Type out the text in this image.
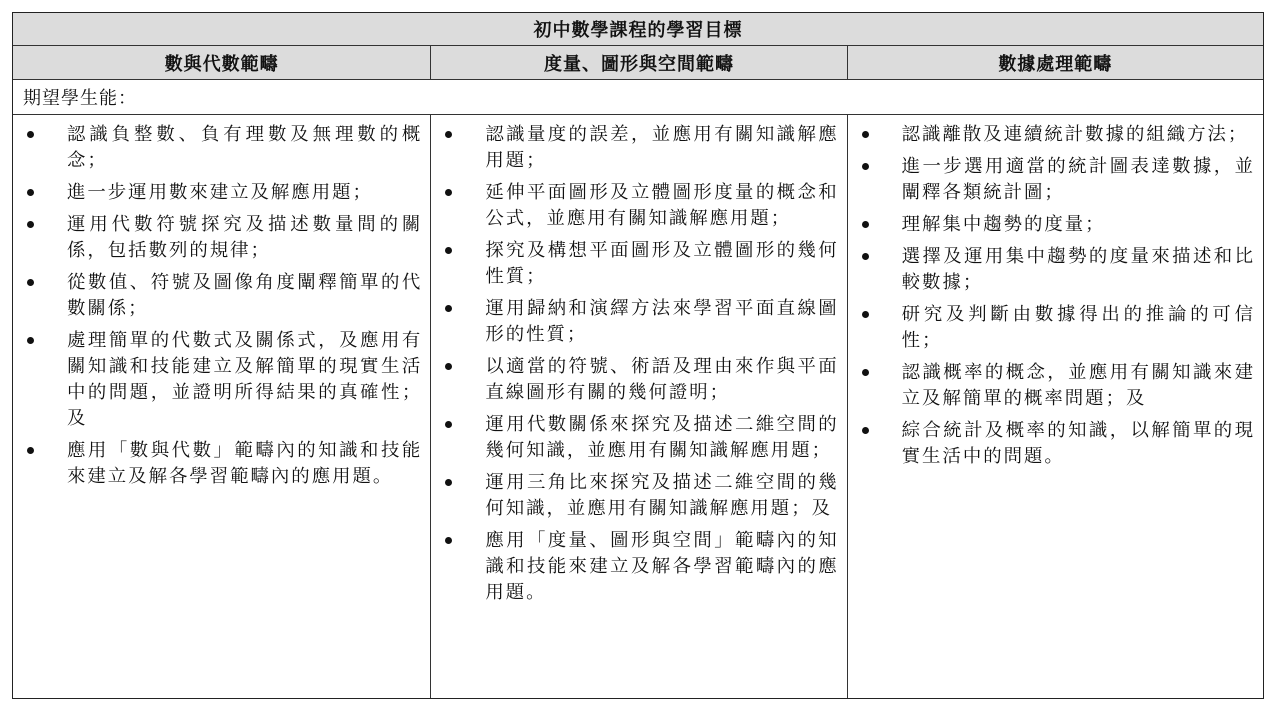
初中數學課程的學習目標
數與代數範疇	度量、圖形與空間範疇	數據處理範疇
期望學生能：
認識負整數、負有理數及無理數的概念；
進一步運用數來建立及解應用題；
運用代數符號探究及描述數量間的關係，包括數列的規律；
從數值、符號及圖像角度闡釋簡單的代數關係；
處理簡單的代數式及關係式，及應用有關知識和技能建立及解簡單的現實生活中的問題，並證明所得結果的真確性；及
應用「數與代數」範疇內的知識和技能來建立及解各學習範疇內的應用題。
認識量度的誤差，並應用有關知識解應用題；
延伸平面圖形及立體圖形度量的概念和公式，並應用有關知識解應用題；
探究及構想平面圖形及立體圖形的幾何性質；
運用歸納和演繹方法來學習平面直線圖形的性質；
以適當的符號、術語及理由來作與平面直線圖形有關的幾何證明；
運用代數關係來探究及描述二維空間的幾何知識，並應用有關知識解應用題；
運用三角比來探究及描述二維空間的幾何知識，並應用有關知識解應用題；及
應用「度量、圖形與空間」範疇內的知識和技能來建立及解各學習範疇內的應用題。
認識離散及連續統計數據的組織方法；
進一步選用適當的統計圖表達數據，並闡釋各類統計圖；
理解集中趨勢的度量；
選擇及運用集中趨勢的度量來描述和比較數據；
研究及判斷由數據得出的推論的可信性；
認識概率的概念，並應用有關知識來建立及解簡單的概率問題；及
綜合統計及概率的知識，以解簡單的現實生活中的問題。
